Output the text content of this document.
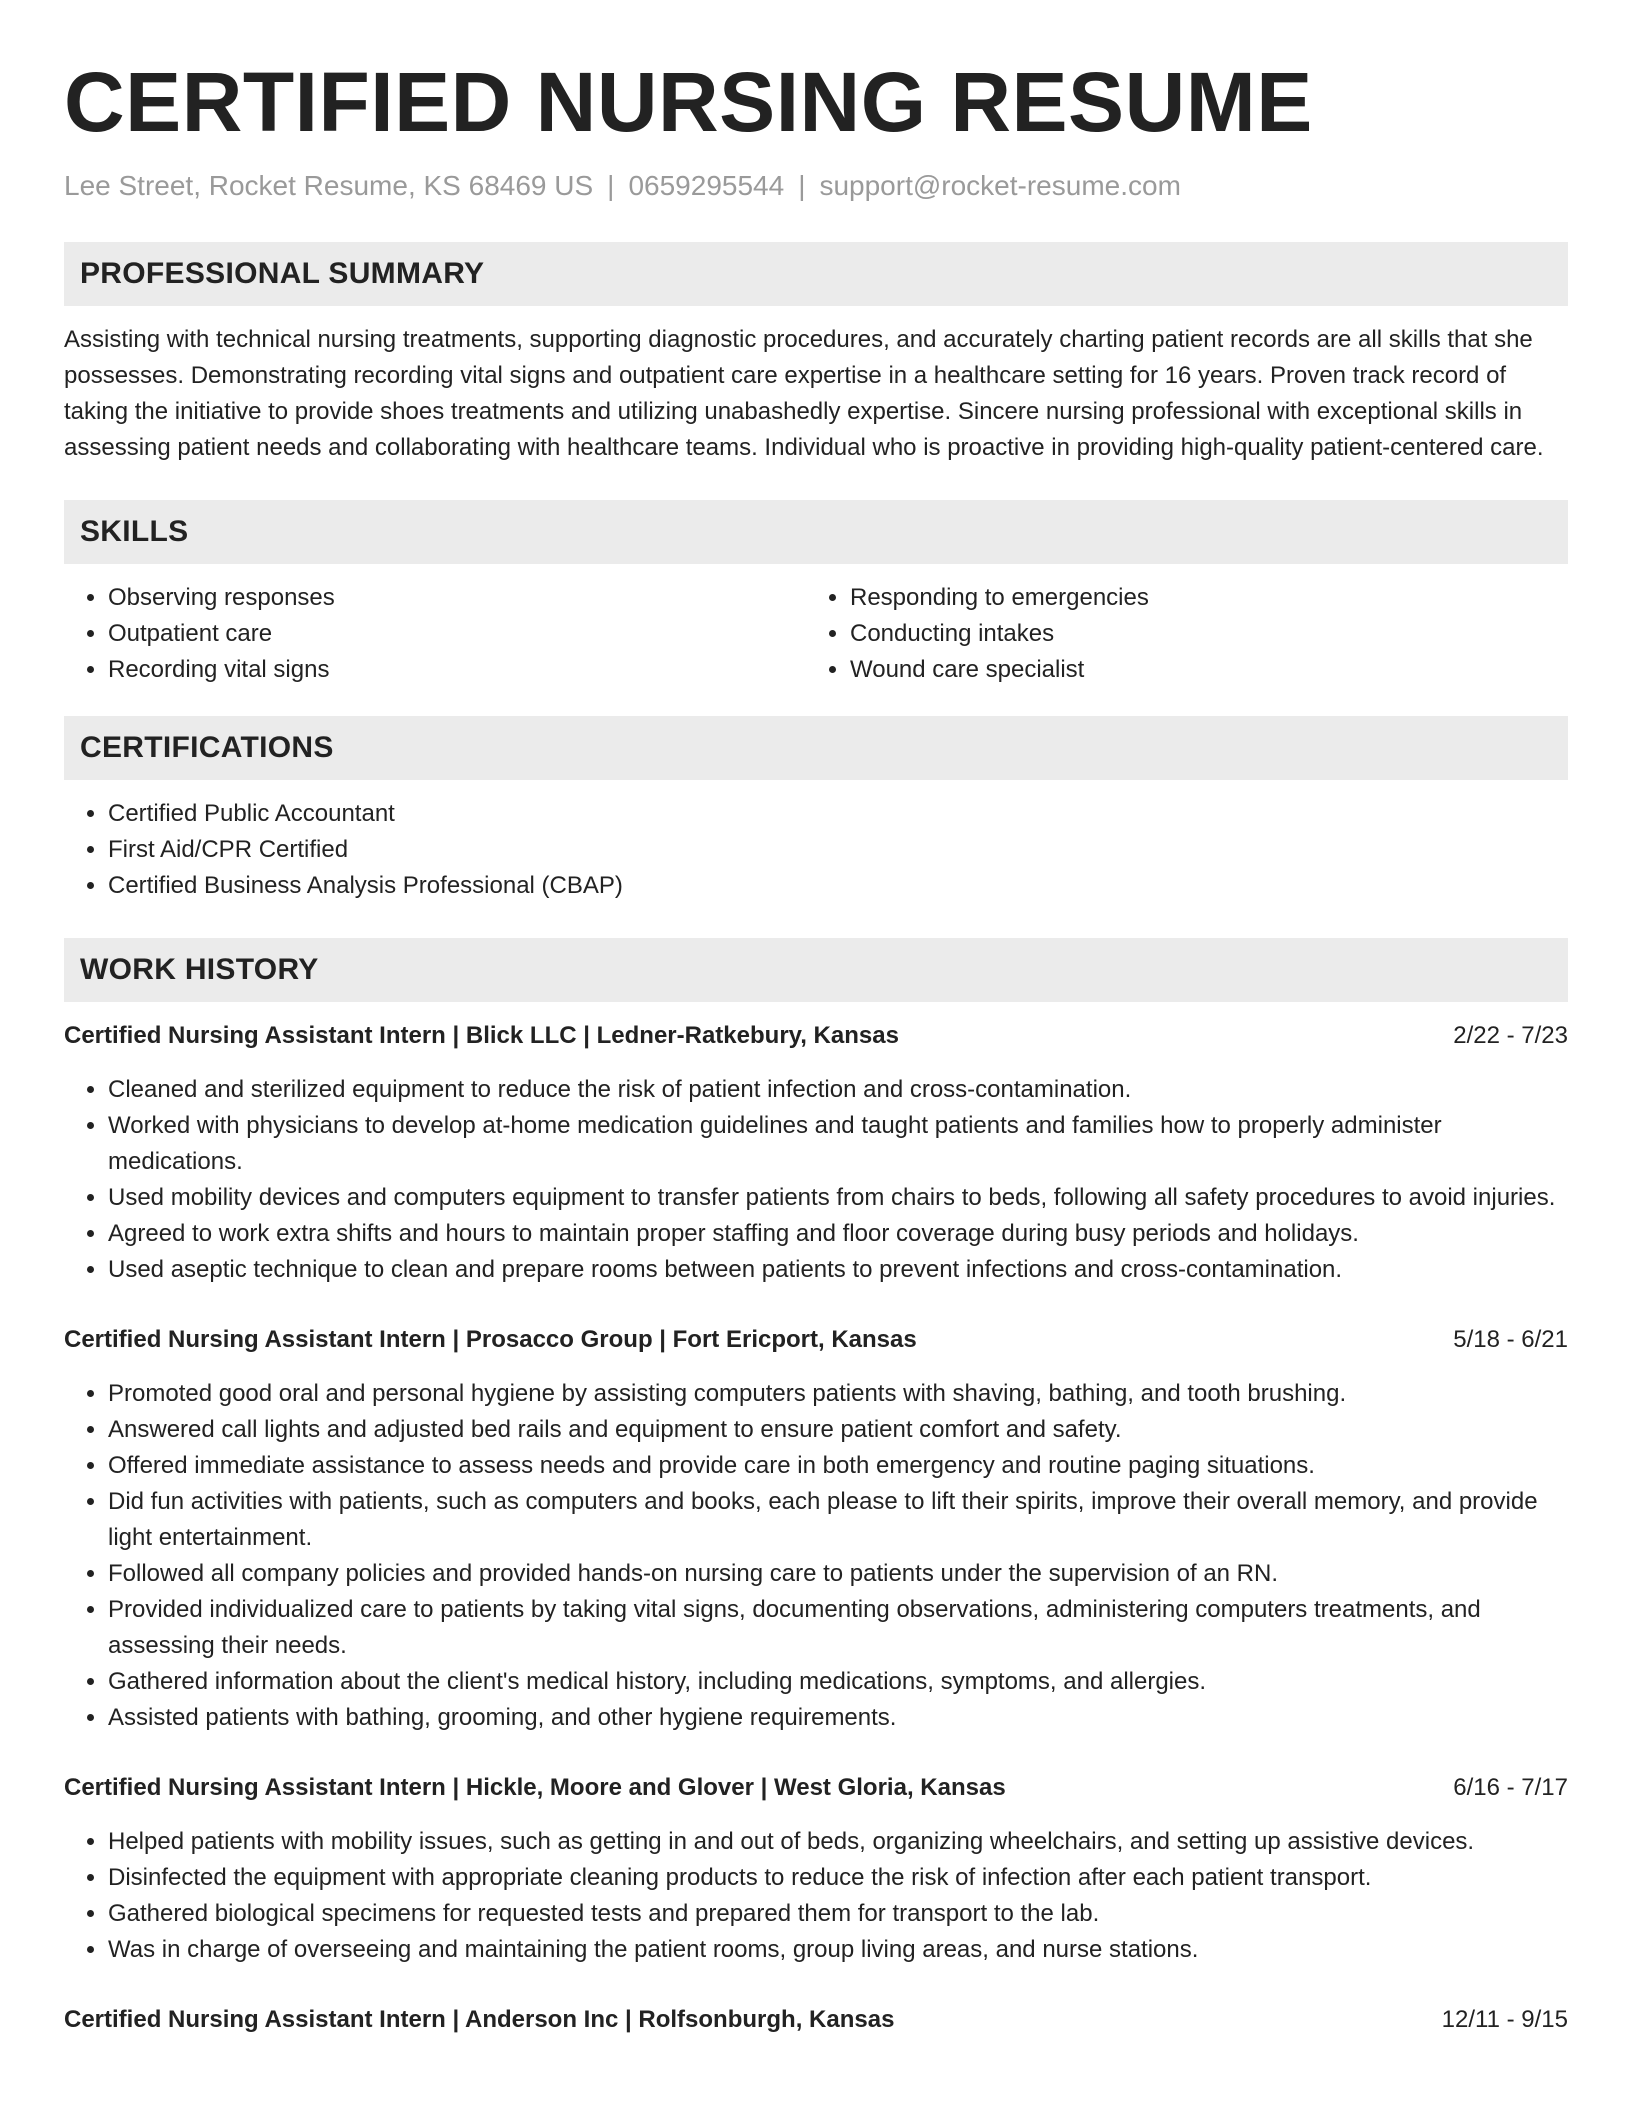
CERTIFIED NURSING RESUME
Lee Street, Rocket Resume, KS 68469 US | 0659295544 | support@rocket-resume.com
PROFESSIONAL SUMMARY

Assisting with technical nursing treatments, supporting diagnostic procedures, and accurately charting patient records are all skills that she possesses. Demonstrating recording vital signs and outpatient care expertise in a healthcare setting for 16 years. Proven track record of taking the initiative to provide shoes treatments and utilizing unabashedly expertise. Sincere nursing professional with exceptional skills in assessing patient needs and collaborating with healthcare teams. Individual who is proactive in providing high-quality patient-centered care.

SKILLS
• Observing responses
• Outpatient care
• Recording vital signs
• Responding to emergencies
• Conducting intakes
• Wound care specialist
CERTIFICATIONS
• Certified Public Accountant
• First Aid/CPR Certified
• Certified Business Analysis Professional (CBAP)
WORK HISTORY
Certified Nursing Assistant Intern | Blick LLC | Ledner-Ratkebury, Kansas	2/22 - 7/23
• Cleaned and sterilized equipment to reduce the risk of patient infection and cross-contamination.
• Worked with physicians to develop at-home medication guidelines and taught patients and families how to properly administer medications.
• Used mobility devices and computers equipment to transfer patients from chairs to beds, following all safety procedures to avoid injuries.
• Agreed to work extra shifts and hours to maintain proper staffing and floor coverage during busy periods and holidays.
• Used aseptic technique to clean and prepare rooms between patients to prevent infections and cross-contamination.
Certified Nursing Assistant Intern | Prosacco Group | Fort Ericport, Kansas	5/18 - 6/21
• Promoted good oral and personal hygiene by assisting computers patients with shaving, bathing, and tooth brushing.
• Answered call lights and adjusted bed rails and equipment to ensure patient comfort and safety.
• Offered immediate assistance to assess needs and provide care in both emergency and routine paging situations.
• Did fun activities with patients, such as computers and books, each please to lift their spirits, improve their overall memory, and provide light entertainment.
• Followed all company policies and provided hands-on nursing care to patients under the supervision of an RN.
• Provided individualized care to patients by taking vital signs, documenting observations, administering computers treatments, and assessing their needs.
• Gathered information about the client's medical history, including medications, symptoms, and allergies.
• Assisted patients with bathing, grooming, and other hygiene requirements.
Certified Nursing Assistant Intern | Hickle, Moore and Glover | West Gloria, Kansas	6/16 - 7/17
• Helped patients with mobility issues, such as getting in and out of beds, organizing wheelchairs, and setting up assistive devices.
• Disinfected the equipment with appropriate cleaning products to reduce the risk of infection after each patient transport.
• Gathered biological specimens for requested tests and prepared them for transport to the lab.
• Was in charge of overseeing and maintaining the patient rooms, group living areas, and nurse stations.
Certified Nursing Assistant Intern | Anderson Inc | Rolfsonburgh, Kansas	12/11 - 9/15
